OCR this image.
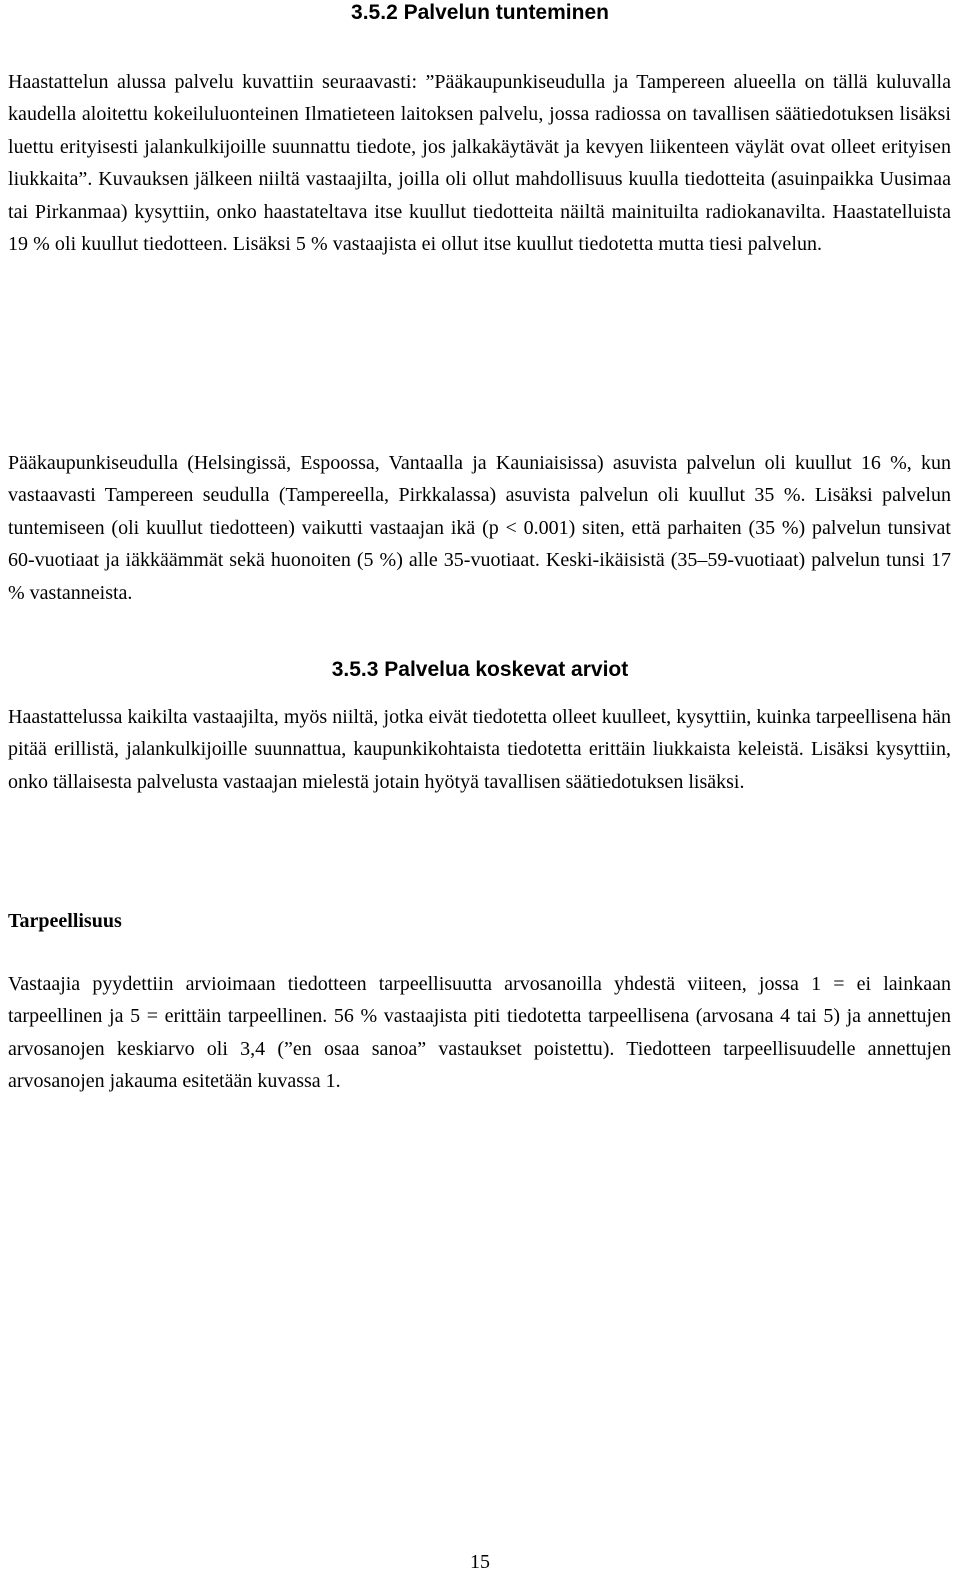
3.5.2 Palvelun tunteminen

Haastattelun alussa palvelu kuvattiin seuraavasti: ”Pääkaupunkiseudulla ja Tampereen alueella on tällä kuluvalla kaudella aloitettu kokeiluluonteinen Ilmatieteen laitoksen palvelu, jossa radiossa on tavallisen säätiedotuksen lisäksi luettu erityisesti jalankulkijoille suunnattu tiedote, jos jalkakäytävät ja kevyen liikenteen väylät ovat olleet erityisen liukkaita”. Kuvauksen jälkeen niiltä vastaajilta, joilla oli ollut mahdollisuus kuulla tiedotteita (asuinpaikka Uusimaa tai Pirkanmaa) kysyttiin, onko haastateltava itse kuullut tiedotteita näiltä mainituilta radiokanavilta. Haastatelluista 19 % oli kuullut tiedotteen. Lisäksi 5 % vastaajista ei ollut itse kuullut tiedotetta mutta tiesi palvelun.

Pääkaupunkiseudulla (Helsingissä, Espoossa, Vantaalla ja Kauniaisissa) asuvista palvelun oli kuullut 16 %, kun vastaavasti Tampereen seudulla (Tampereella, Pirkkalassa) asuvista palvelun oli kuullut 35 %. Lisäksi palvelun tuntemiseen (oli kuullut tiedotteen) vaikutti vastaajan ikä (p < 0.001) siten, että parhaiten (35 %) palvelun tunsivat 60-vuotiaat ja iäkkäämmät sekä huonoiten (5 %) alle 35-vuotiaat. Keski-ikäisistä (35–59-vuotiaat) palvelun tunsi 17 % vastanneista.

3.5.3 Palvelua koskevat arviot

Haastattelussa kaikilta vastaajilta, myös niiltä, jotka eivät tiedotetta olleet kuulleet, kysyttiin, kuinka tarpeellisena hän pitää erillistä, jalankulkijoille suunnattua, kaupunkikohtaista tiedotetta erittäin liukkaista keleistä. Lisäksi kysyttiin, onko tällaisesta palvelusta vastaajan mielestä jotain hyötyä tavallisen säätiedotuksen lisäksi.

Tarpeellisuus

Vastaajia pyydettiin arvioimaan tiedotteen tarpeellisuutta arvosanoilla yhdestä viiteen, jossa 1 = ei lainkaan tarpeellinen ja 5 = erittäin tarpeellinen. 56 % vastaajista piti tiedotetta tarpeellisena (arvosana 4 tai 5) ja annettujen arvosanojen keskiarvo oli 3,4 (”en osaa sanoa” vastaukset poistettu). Tiedotteen tarpeellisuudelle annettujen arvosanojen jakauma esitetään kuvassa 1.

15
